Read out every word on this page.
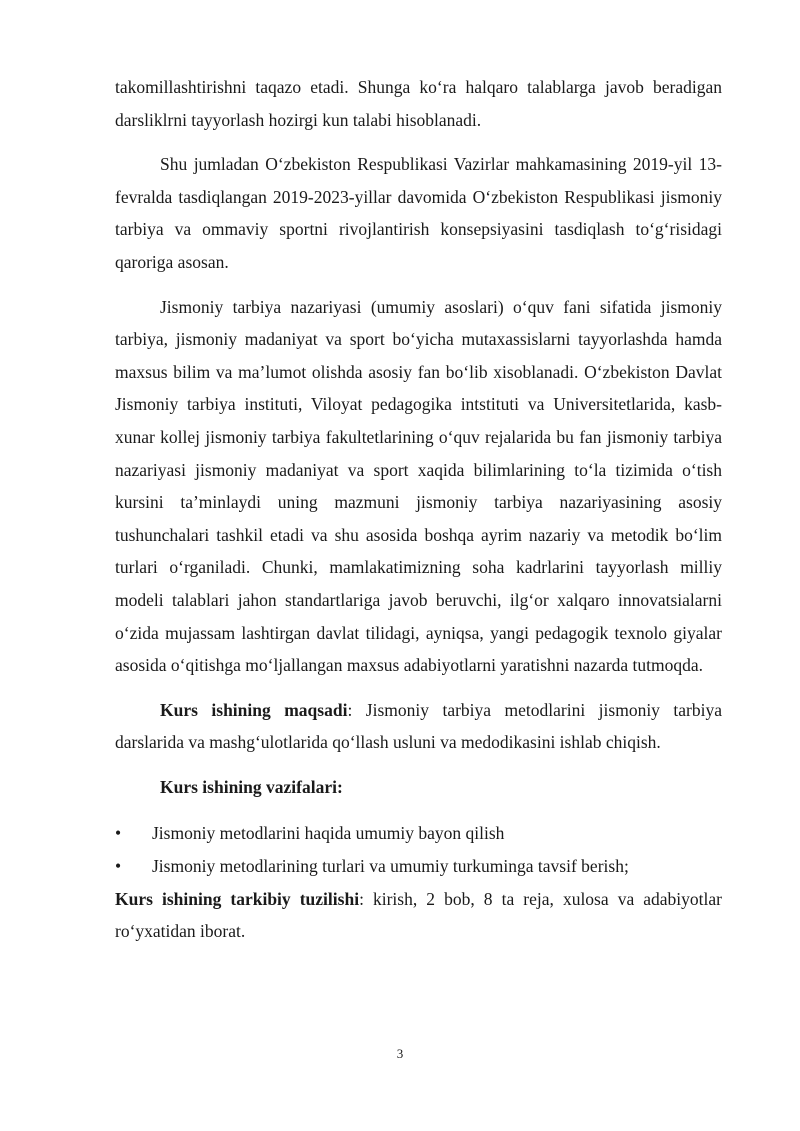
takomillashtirishni taqazo etadi. Shunga ko‘ra halqaro talablarga javob beradigan darsliklrni tayyorlash hozirgi kun talabi hisoblanadi.

Shu jumladan O‘zbekiston Respublikasi Vazirlar mahkamasining 2019-yil 13-fevralda tasdiqlangan 2019-2023-yillar davomida O‘zbekiston Respublikasi jismoniy tarbiya va ommaviy sportni rivojlantirish konsepsiyasini tasdiqlash to‘g‘risidagi qaroriga asosan.

Jismoniy tarbiya nazariyasi (umumiy asoslari) o‘quv fani sifatida jismoniy tarbiya, jismoniy madaniyat va sport bo‘yicha mutaxassislarni tayyorlashda hamda maxsus bilim va ma’lumot olishda asosiy fan bo‘lib xisoblanadi. O‘zbekiston Davlat Jismoniy tarbiya instituti, Viloyat pedagogika intstituti va Universitetlarida, kasb-xunar kollej jismoniy tarbiya fakultetlarining o‘quv rejalarida bu fan jismoniy tarbiya nazariyasi jismoniy madaniyat va sport xaqida bilimlarining to‘la tizimida o‘tish kursini ta’minlaydi uning mazmuni jismoniy tarbiya nazariyasining asosiy tushunchalari tashkil etadi va shu asosida boshqa ayrim nazariy va metodik bo‘lim turlari o‘rganiladi. Chunki, mamlakatimizning soha kadrlarini tayyorlash milliy modeli talablari jahon standartlariga javob beruvchi, ilg‘or xalqaro innovatsialarni o‘zida mujassam lashtirgan davlat tilidagi, ayniqsa, yangi pedagogik texnolo giyalar asosida o‘qitishga mo‘ljallangan maxsus adabiyotlarni yaratishni nazarda tutmoqda.

Kurs ishining maqsadi: Jismoniy tarbiya metodlarini jismoniy tarbiya darslarida va mashg‘ulotlarida qo‘llash usluni va medodikasini ishlab chiqish.

Kurs ishining vazifalari:

•	Jismoniy metodlarini haqida umumiy bayon qilish
•	Jismoniy metodlarining turlari va umumiy turkuminga tavsif berish;

Kurs ishining tarkibiy tuzilishi: kirish, 2 bob, 8 ta reja, xulosa va adabiyotlar ro‘yxatidan iborat.

3
